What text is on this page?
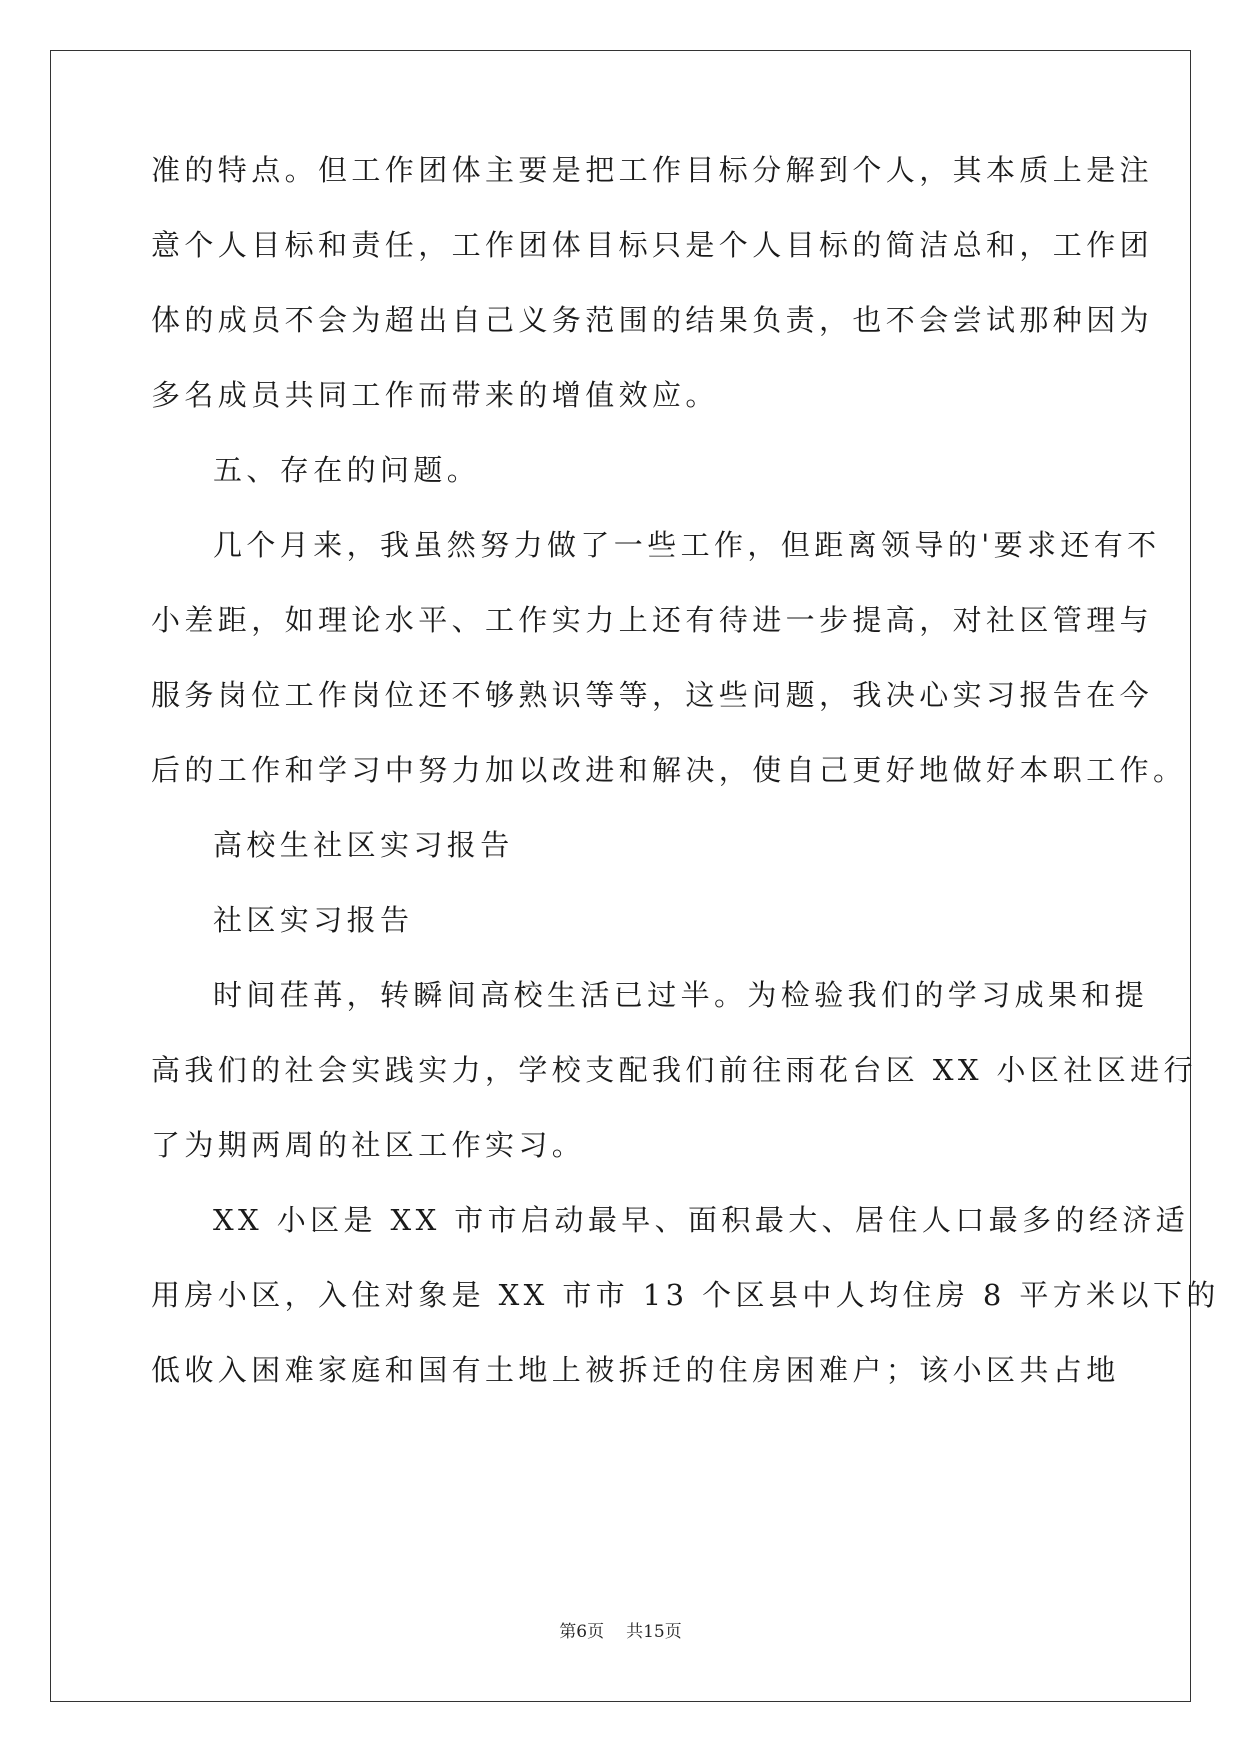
准的特点。但工作团体主要是把工作目标分解到个人，其本质上是注
意个人目标和责任，工作团体目标只是个人目标的简洁总和，工作团
体的成员不会为超出自己义务范围的结果负责，也不会尝试那种因为
多名成员共同工作而带来的增值效应。
五、存在的问题。
几个月来，我虽然努力做了一些工作，但距离领导的'要求还有不
小差距，如理论水平、工作实力上还有待进一步提高，对社区管理与
服务岗位工作岗位还不够熟识等等，这些问题，我决心实习报告在今
后的工作和学习中努力加以改进和解决，使自己更好地做好本职工作。
高校生社区实习报告
社区实习报告
时间荏苒，转瞬间高校生活已过半。为检验我们的学习成果和提
高我们的社会实践实力，学校支配我们前往雨花台区 XX 小区社区进行
了为期两周的社区工作实习。
XX 小区是 XX 市市启动最早、面积最大、居住人口最多的经济适
用房小区，入住对象是 XX 市市 13 个区县中人均住房 8 平方米以下的
低收入困难家庭和国有土地上被拆迁的住房困难户；该小区共占地
第6页 共15页
